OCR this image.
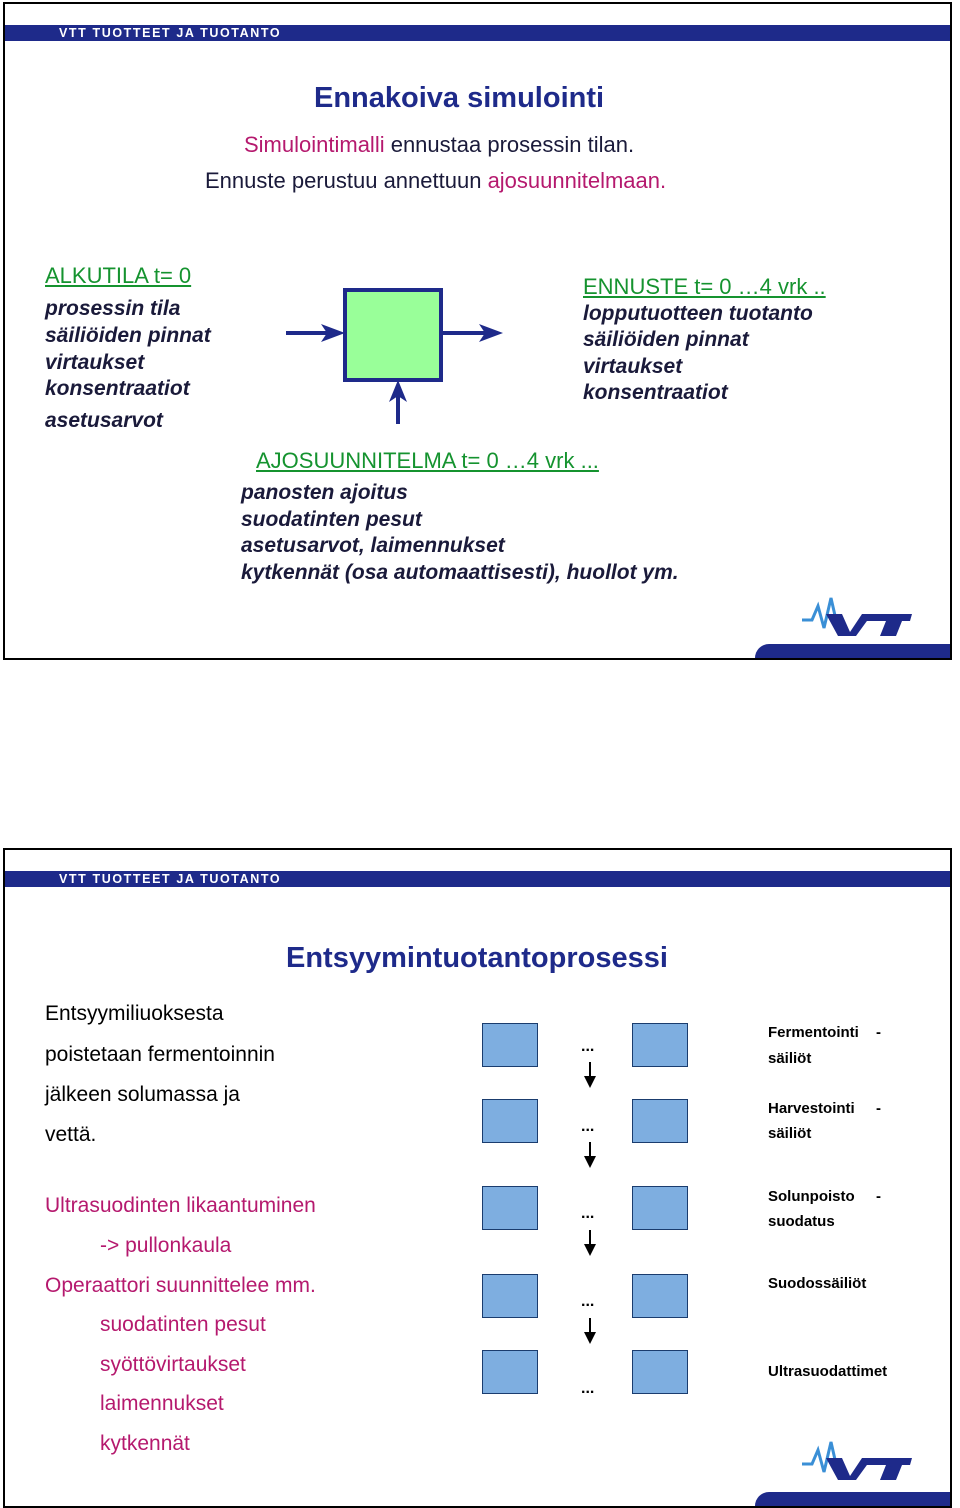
VTT TUOTTEET JA TUOTANTO
Ennakoiva simulointi
Simulointimalli ennustaa prosessin tilan.
Ennuste perustuu annettuun ajosuunnitelmaan.
ALKUTILA t= 0
prosessin tila
säiliöiden pinnat
virtaukset
konsentraatiot
asetusarvot
ENNUSTE t= 0 …4 vrk ..
lopputuotteen tuotanto
säiliöiden pinnat
virtaukset
konsentraatiot
AJOSUUNNITELMA t= 0 …4 vrk ...
panosten ajoitus
suodatinten pesut
asetusarvot, laimennukset
kytkennät (osa automaattisesti), huollot ym.
VTT TUOTTEET JA TUOTANTO
Entsyymintuotantoprosessi
Entsyymiliuoksesta
poistetaan fermentoinnin
jälkeen solumassa ja
vettä.
Ultrasuodinten likaantuminen
-> pullonkaula
Operaattori suunnittelee mm.
suodatinten pesut
syöttövirtaukset
laimennukset
kytkennät
...
...
...
...
...
Fermentointi -
säiliöt
Harvestointi -
säiliöt
Solunpoisto -
suodatus
Suodossäiliöt
Ultrasuodattimet
